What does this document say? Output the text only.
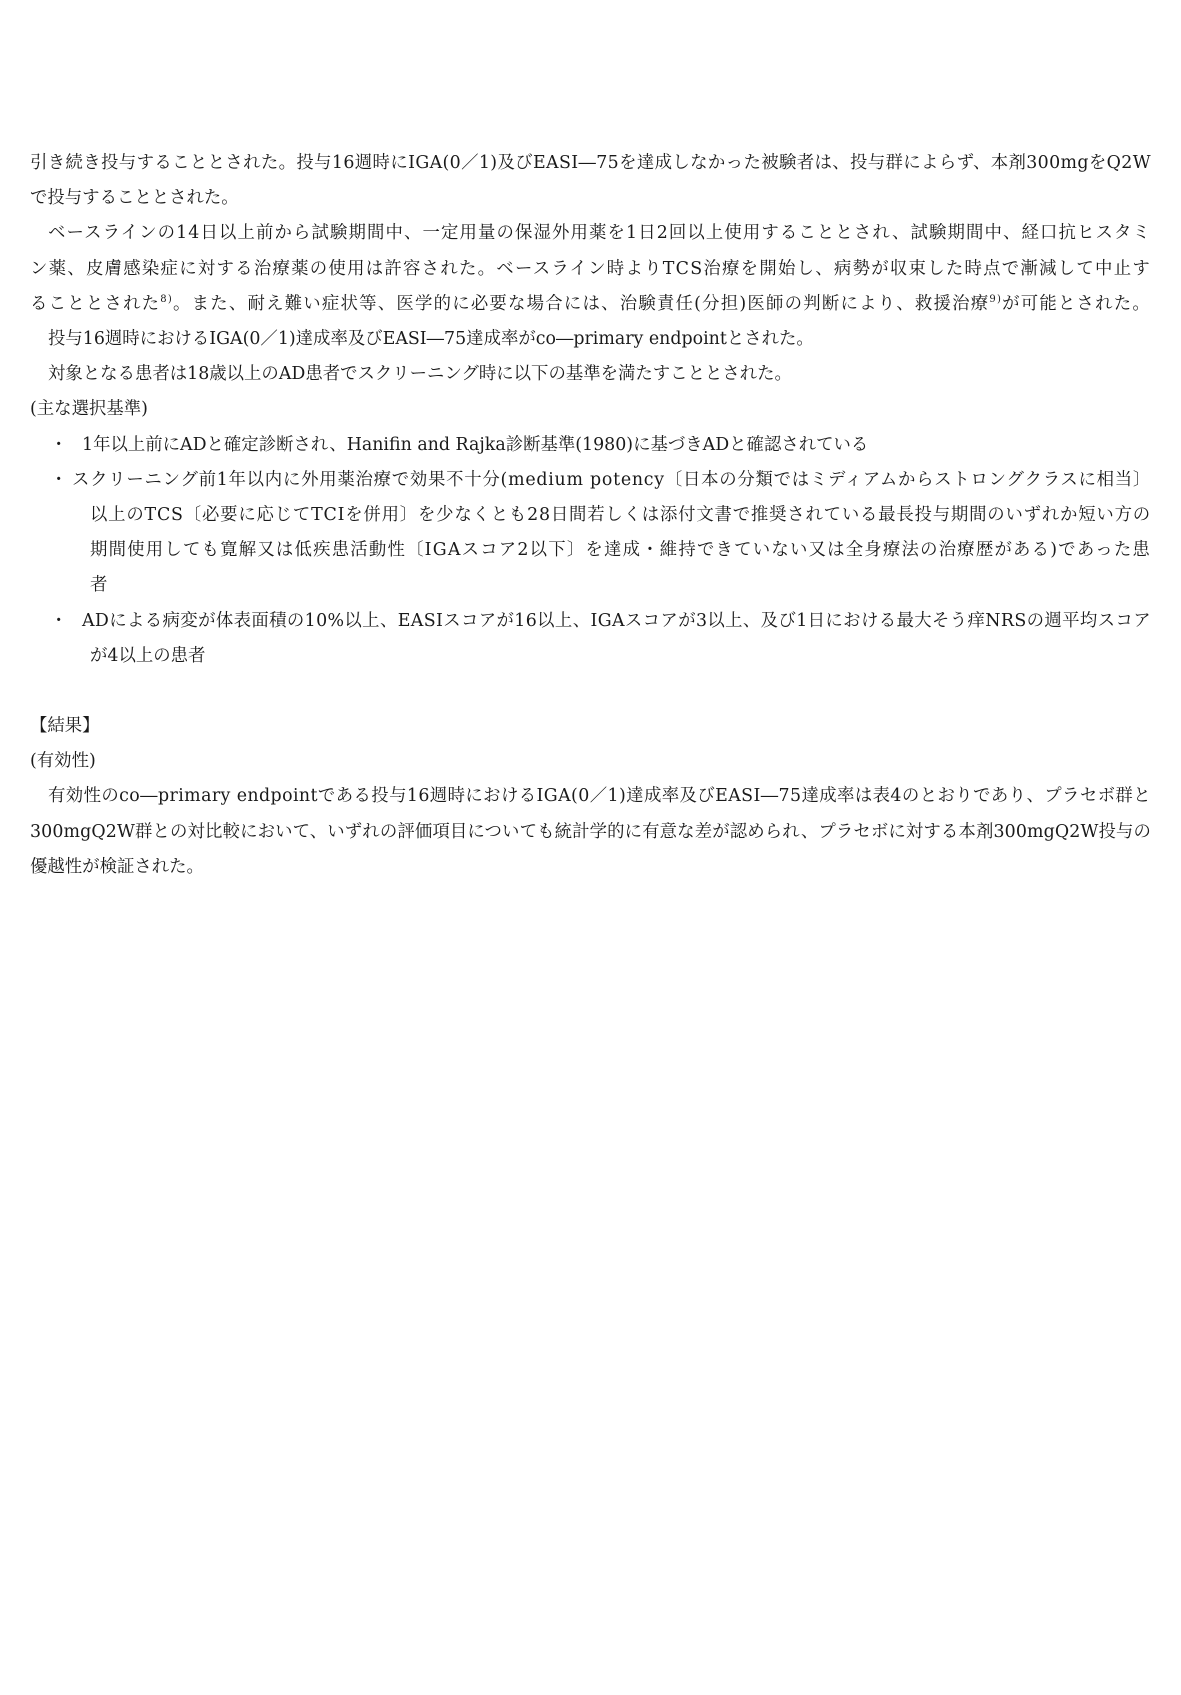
引き続き投与することとされた。投与16週時にIGA(0／1)及びEASI―75を達成しなかった被験者は、投与群によらず、本剤300mgをQ2W

で投与することとされた。

ベースラインの14日以上前から試験期間中、一定用量の保湿外用薬を1日2回以上使用することとされ、試験期間中、経口抗ヒスタミ

ン薬、皮膚感染症に対する治療薬の使用は許容された。ベースライン時よりTCS治療を開始し、病勢が収束した時点で漸減して中止す

ることとされた$^{8)}$。また、耐え難い症状等、医学的に必要な場合には、治験責任(分担)医師の判断により、救援治療$^{9)}$が可能とされた。

投与16週時におけるIGA(0／1)達成率及びEASI―75達成率がco―primary endpointとされた。

対象となる患者は18歳以上のAD患者でスクリーニング時に以下の基準を満たすこととされた。

(主な選択基準)

・ 1年以上前にADと確定診断され、Hanifin and Rajka診断基準(1980)に基づきADと確認されている

・ スクリーニング前1年以内に外用薬治療で効果不十分(medium potency〔日本の分類ではミディアムからストロングクラスに相当〕
以上のTCS〔必要に応じてTCIを併用〕を少なくとも28日間若しくは添付文書で推奨されている最長投与期間のいずれか短い方の
期間使用しても寛解又は低疾患活動性〔IGAスコア2以下〕を達成・維持できていない又は全身療法の治療歴がある)であった患
者

・ ADによる病変が体表面積の10%以上、EASIスコアが16以上、IGAスコアが3以上、及び1日における最大そう痒NRSの週平均スコア
が4以上の患者

【結果】

(有効性)

有効性のco―primary endpointである投与16週時におけるIGA(0／1)達成率及びEASI―75達成率は表4のとおりであり、プラセボ群と

300mgQ2W群との対比較において、いずれの評価項目についても統計学的に有意な差が認められ、プラセボに対する本剤300mgQ2W投与の

優越性が検証された。
